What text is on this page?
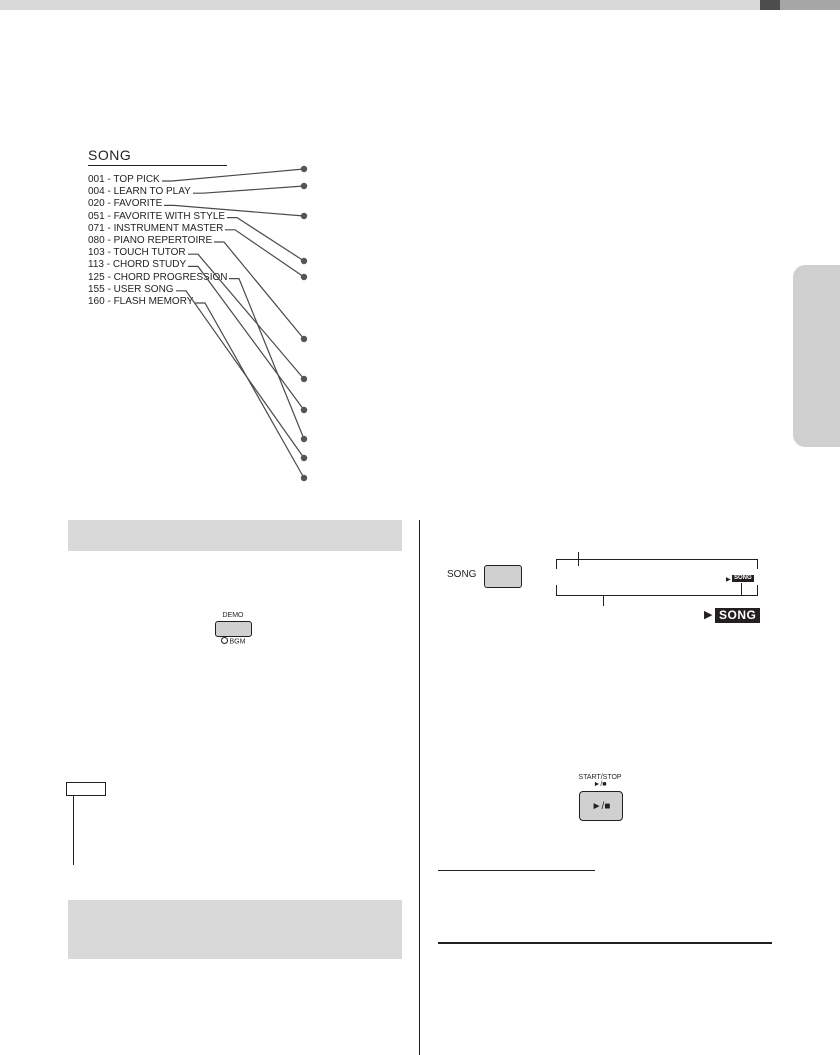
SONG
001 - TOP PICK
004 - LEARN TO PLAY
020 - FAVORITE
051 - FAVORITE WITH STYLE
071 - INSTRUMENT MASTER
080 - PIANO REPERTOIRE
103 - TOUCH TUTOR
113 - CHORD STUDY
125 - CHORD PROGRESSION
155 - USER SONG
160 - FLASH MEMORY
DEMO
BGM
SONG	▶ SONG
▶ SONG
START/STOP
►/■
►/■
